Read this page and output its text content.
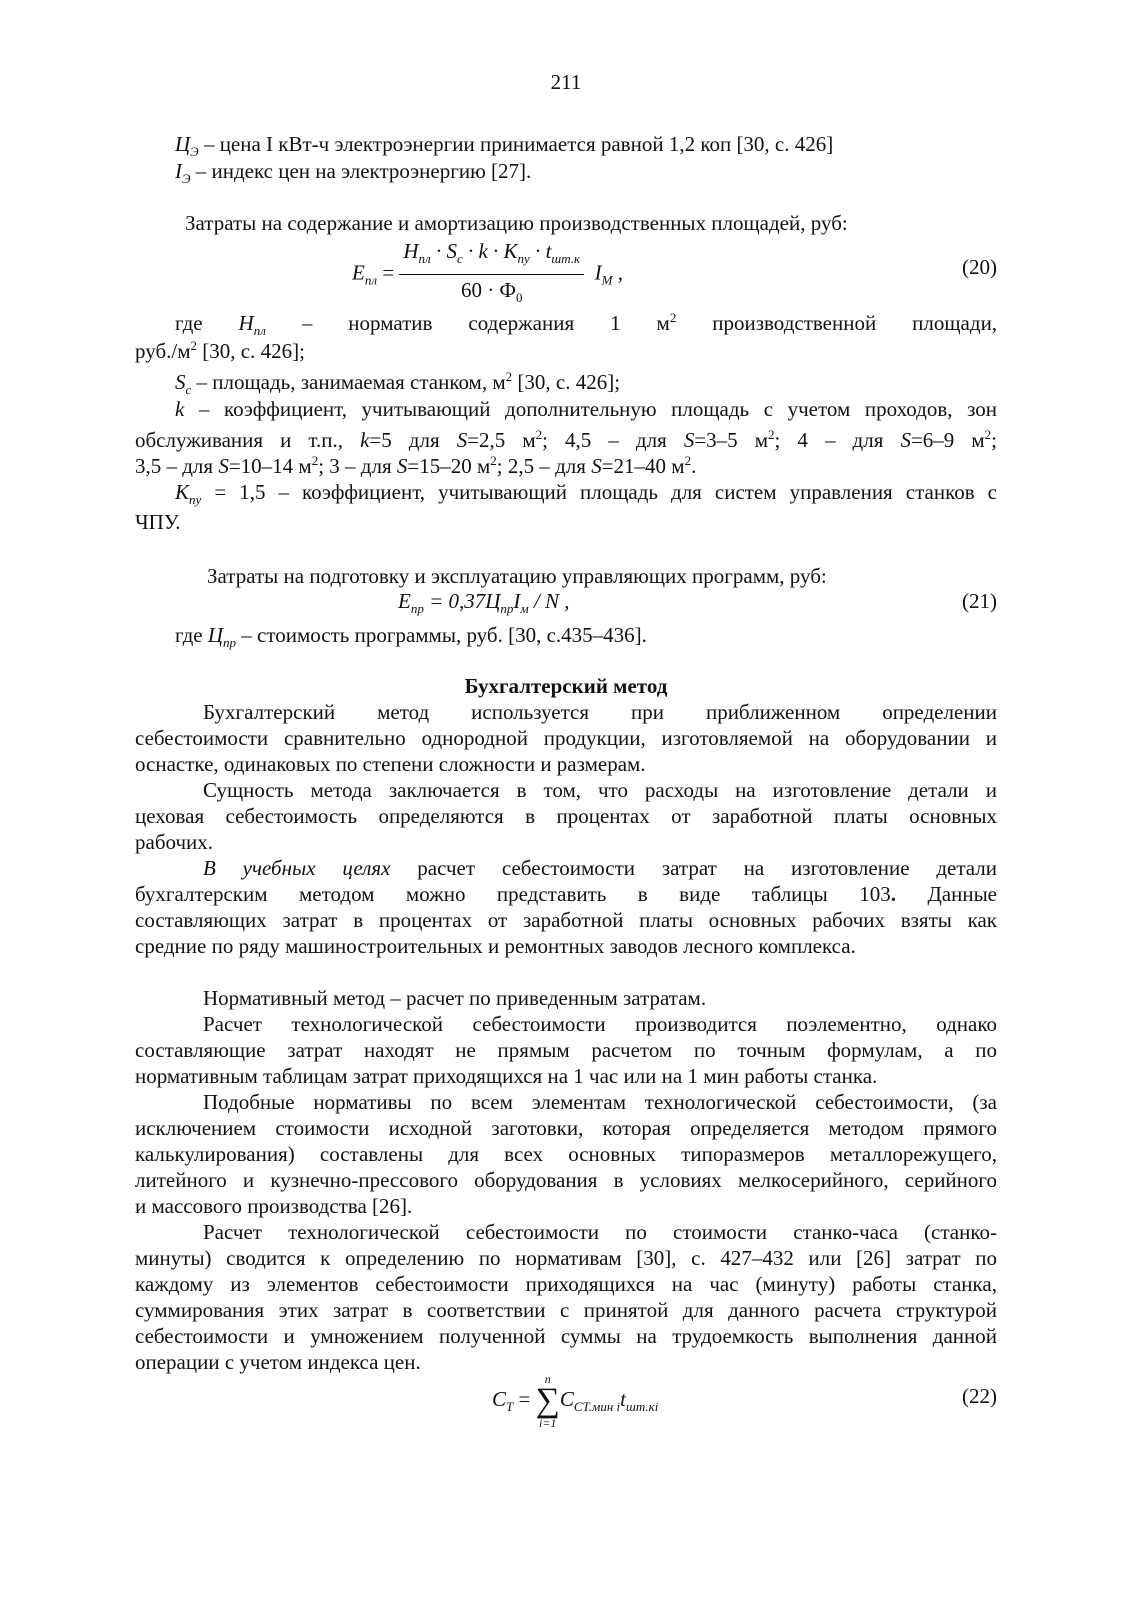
211
$Ц_Э$ – цена I кВт-ч электроэнергии принимается равной 1,2 коп [30, с. 426]
$I_Э$ – индекс цен на электроэнергию [27].
Затраты на содержание и амортизацию производственных площадей, руб:
$E_{пл} = \frac{H_{пл} \cdot S_c \cdot k \cdot K_{пу} \cdot t_{шт.к}}{60 \cdot Ф_0} I_M$ ,	(20)
где $H_{пл}$ – норматив содержания 1 $м^2$ производственной площади,
$руб./м^2$ [30, с. 426];
$S_c$ – площадь, занимаемая станком, $м^2$ [30, с. 426];
k – коэффициент, учитывающий дополнительную площадь с учетом проходов, зон
обслуживания и т.п., k=5 для S=2,5 $м^2$; 4,5 – для S=3–5 $м^2$; 4 – для S=6–9 $м^2$;
3,5 – для S=10–14 $м^2$; 3 – для S=15–20 $м^2$; 2,5 – для S=21–40 $м^2$.
$K_{пу} = 1,5$ – коэффициент, учитывающий площадь для систем управления станков с
ЧПУ.
Затраты на подготовку и эксплуатацию управляющих программ, руб:
$E_{пр} = 0,37Ц_{пр}I_м / N$ ,	(21)
где $Ц_{пр}$ – стоимость программы, руб. [30, с.435–436].
Бухгалтерский метод
Бухгалтерский метод используется при приближенном определении
себестоимости сравнительно однородной продукции, изготовляемой на оборудовании и
оснастке, одинаковых по степени сложности и размерам.
Сущность метода заключается в том, что расходы на изготовление детали и
цеховая себестоимость определяются в процентах от заработной платы основных
рабочих.
В учебных целях расчет себестоимости затрат на изготовление детали
бухгалтерским методом можно представить в виде таблицы 103. Данные
составляющих затрат в процентах от заработной платы основных рабочих взяты как
средние по ряду машиностроительных и ремонтных заводов лесного комплекса.
Нормативный метод – расчет по приведенным затратам.
Расчет технологической себестоимости производится поэлементно, однако
составляющие затрат находят не прямым расчетом по точным формулам, а по
нормативным таблицам затрат приходящихся на 1 час или на 1 мин работы станка.
Подобные нормативы по всем элементам технологической себестоимости, (за
исключением стоимости исходной заготовки, которая определяется методом прямого
калькулирования) составлены для всех основных типоразмеров металлорежущего,
литейного и кузнечно-прессового оборудования в условиях мелкосерийного, серийного
и массового производства [26].
Расчет технологической себестоимости по стоимости станко-часа (станко-
минуты) сводится к определению по нормативам [30], с. 427–432 или [26] затрат по
каждому из элементов себестоимости приходящихся на час (минуту) работы станка,
суммирования этих затрат в соответствии с принятой для данного расчета структурой
себестоимости и умножением полученной суммы на трудоемкость выполнения данной
операции с учетом индекса цен.
$C_T$ =
n
∑
i=1
$C_{CT.мин i}t_{шт.кi}$	(22)
